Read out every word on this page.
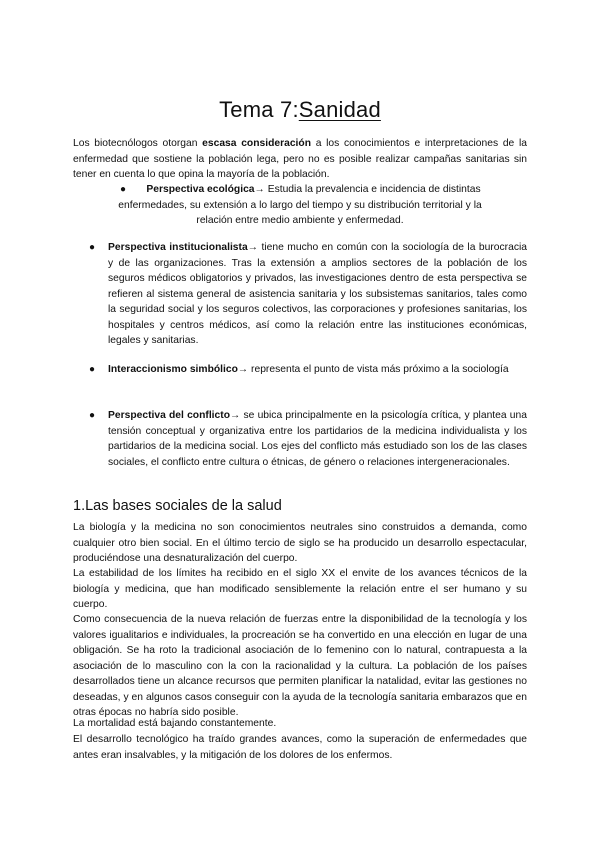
Tema 7:Sanidad

Los biotecnólogos otorgan escasa consideración a los conocimientos e interpretaciones de la enfermedad que sostiene la población lega, pero no es posible realizar campañas sanitarias sin tener en cuenta lo que opina la mayoría de la población.

●	Perspectiva ecológica→ Estudia la prevalencia e incidencia de distintas enfermedades, su extensión a lo largo del tiempo y su distribución territorial y la relación entre medio ambiente y enfermedad.

● Perspectiva institucionalista→ tiene mucho en común con la sociología de la burocracia y de las organizaciones. Tras la extensión a amplios sectores de la población de los seguros médicos obligatorios y privados, las investigaciones dentro de esta perspectiva se refieren al sistema general de asistencia sanitaria y los subsistemas sanitarios, tales como la seguridad social y los seguros colectivos, las corporaciones y profesiones sanitarias, los hospitales y centros médicos, así como la relación entre las instituciones económicas, legales y sanitarias.

● Interaccionismo simbólico→ representa el punto de vista más próximo a la sociología

● Perspectiva del conflicto→ se ubica principalmente en la psicología crítica, y plantea una tensión conceptual y organizativa entre los partidarios de la medicina individualista y los partidarios de la medicina social. Los ejes del conflicto más estudiado son los de las clases sociales, el conflicto entre cultura o étnicas, de género o relaciones intergeneracionales.

1.Las bases sociales de la salud

La biología y la medicina no son conocimientos neutrales sino construidos a demanda, como cualquier otro bien social. En el último tercio de siglo se ha producido un desarrollo espectacular, produciéndose una desnaturalización del cuerpo.

La estabilidad de los límites ha recibido en el siglo XX el envite de los avances técnicos de la biología y medicina, que han modificado sensiblemente la relación entre el ser humano y su cuerpo.

Como consecuencia de la nueva relación de fuerzas entre la disponibilidad de la tecnología y los valores igualitarios e individuales, la procreación se ha convertido en una elección en lugar de una obligación. Se ha roto la tradicional asociación de lo femenino con lo natural, contrapuesta a la asociación de lo masculino con la con la racionalidad y la cultura. La población de los países desarrollados tiene un alcance recursos que permiten planificar la natalidad, evitar las gestiones no deseadas, y en algunos casos conseguir con la ayuda de la tecnología sanitaria embarazos que en otras épocas no habría sido posible.

La mortalidad está bajando constantemente.

El desarrollo tecnológico ha traído grandes avances, como la superación de enfermedades que antes eran insalvables, y la mitigación de los dolores de los enfermos.
